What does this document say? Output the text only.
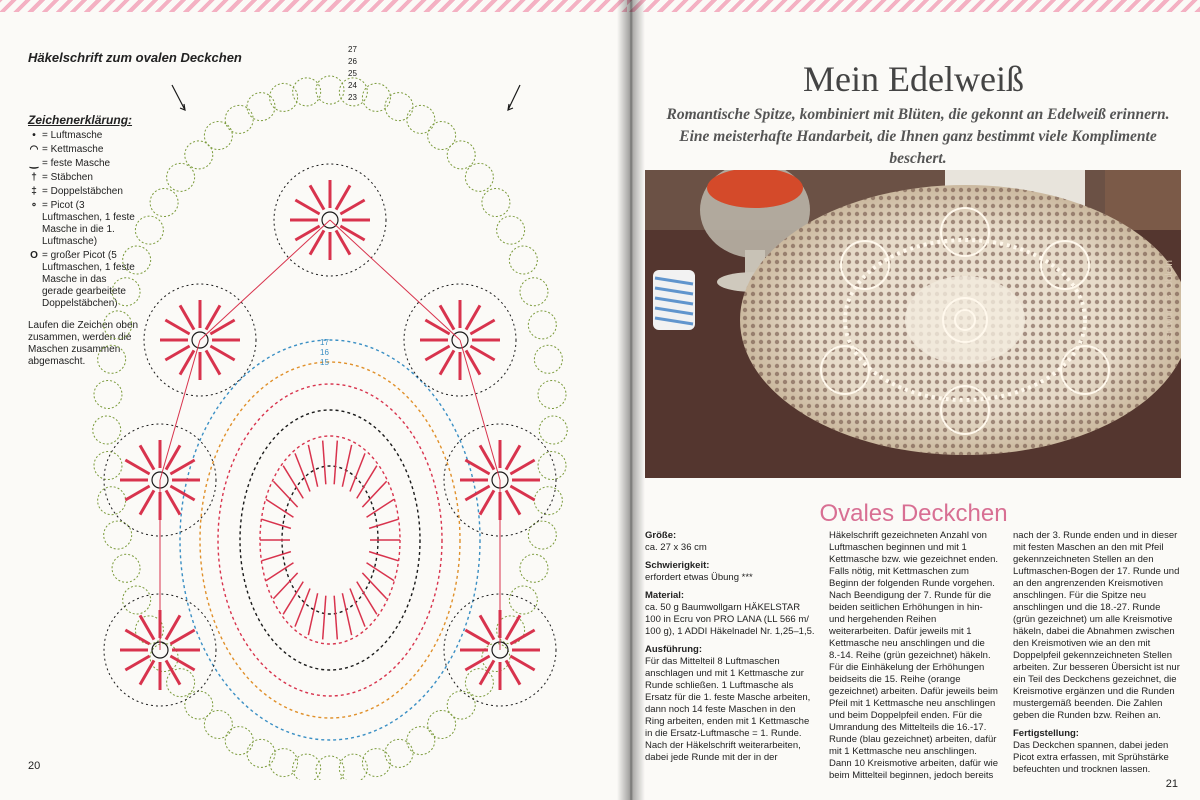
Häkelschrift zum ovalen Deckchen
Zeichenerklärung:
• = Luftmasche
◠ = Kettmasche
‿ = feste Masche
† = Stäbchen
‡ = Doppelstäbchen
∘ = Picot (3 Luftmaschen, 1 feste Masche in die 1. Luftmasche)
O = großer Picot (5 Luftmaschen, 1 feste Masche in das gerade gearbeitete Doppelstäbchen)
Laufen die Zeichen oben zusammen, werden die Maschen zusammen abgemascht.
27
26
25
24
23
17
16
15
20
Mein Edelweiß
Romantische Spitze, kombiniert mit Blüten, die gekonnt an Edelweiß erinnern.
Eine meisterhafte Handarbeit, die Ihnen ganz bestimmt viele Komplimente beschert.
Entwurf: B. Oblein
Ovales Deckchen

Größe:
ca. 27 x 36 cm

Schwierigkeit:
erfordert etwas Übung ***

Material:
ca. 50 g Baumwollgarn HÄKELSTAR 100 in Ecru von PRO LANA (LL 566 m/ 100 g), 1 ADDI Häkelnadel Nr. 1,25–1,5.

Ausführung:
Für das Mittelteil 8 Luftmaschen anschlagen und mit 1 Kettmasche zur Runde schließen. 1 Luftmasche als Ersatz für die 1. feste Masche arbeiten, dann noch 14 feste Maschen in den Ring arbeiten, enden mit 1 Kettmasche in die Ersatz-Luftmasche = 1. Runde. Nach der Häkelschrift weiterarbeiten, dabei jede Runde mit der in der

Häkelschrift gezeichneten Anzahl von Luftmaschen beginnen und mit 1 Kettmasche bzw. wie gezeichnet enden. Falls nötig, mit Kettmaschen zum Beginn der folgenden Runde vorgehen. Nach Beendigung der 7. Runde für die beiden seitlichen Erhöhungen in hin- und hergehenden Reihen weiterarbeiten. Dafür jeweils mit 1 Kettmasche neu anschlingen und die 8.-14. Reihe (grün gezeichnet) häkeln. Für die Einhäkelung der Erhöhungen beidseits die 15. Reihe (orange gezeichnet) arbeiten. Dafür jeweils beim Pfeil mit 1 Kettmasche neu anschlingen und beim Doppelpfeil enden. Für die Umrandung des Mittelteils die 16.-17. Runde (blau gezeichnet) arbeiten, dafür mit 1 Kettmasche neu anschlingen. Dann 10 Kreismotive arbeiten, dafür wie beim Mittelteil beginnen, jedoch bereits

nach der 3. Runde enden und in dieser mit festen Maschen an den mit Pfeil gekennzeichneten Stellen an den Luftmaschen-Bogen der 17. Runde und an den angrenzenden Kreismotiven anschlingen. Für die Spitze neu anschlingen und die 18.-27. Runde (grün gezeichnet) um alle Kreismotive häkeln, dabei die Abnahmen zwischen den Kreismotiven wie an den mit Doppelpfeil gekennzeichneten Stellen arbeiten. Zur besseren Übersicht ist nur ein Teil des Deckchens gezeichnet, die Kreismotive ergänzen und die Runden mustergemäß beenden. Die Zahlen geben die Runden bzw. Reihen an.

Fertigstellung:
Das Deckchen spannen, dabei jeden Picot extra erfassen, mit Sprühstärke befeuchten und trocknen lassen.

21
